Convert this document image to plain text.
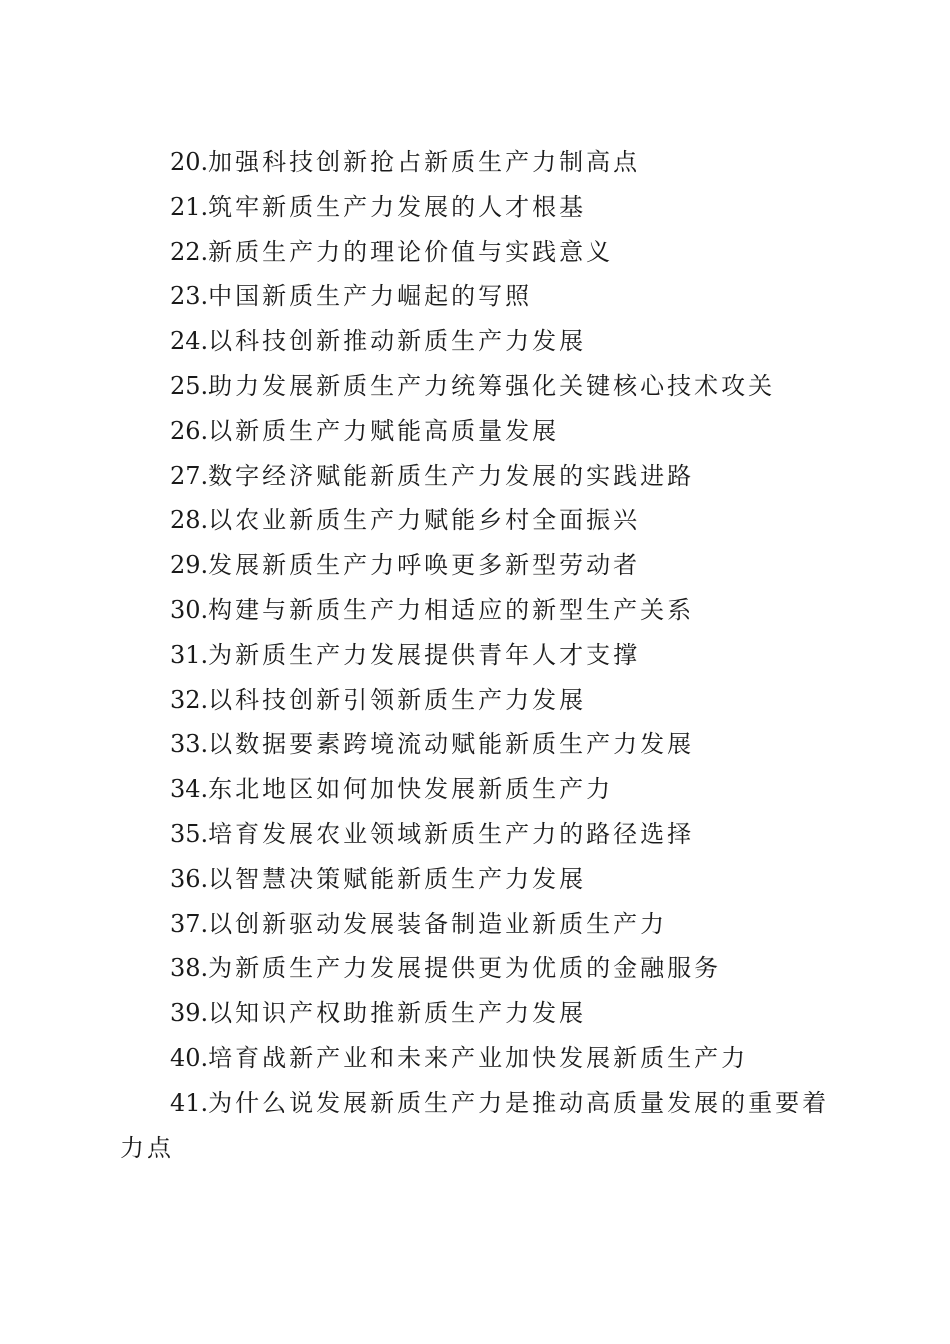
20.加强科技创新抢占新质生产力制高点
21.筑牢新质生产力发展的人才根基
22.新质生产力的理论价值与实践意义
23.中国新质生产力崛起的写照
24.以科技创新推动新质生产力发展
25.助力发展新质生产力统筹强化关键核心技术攻关
26.以新质生产力赋能高质量发展
27.数字经济赋能新质生产力发展的实践进路
28.以农业新质生产力赋能乡村全面振兴
29.发展新质生产力呼唤更多新型劳动者
30.构建与新质生产力相适应的新型生产关系
31.为新质生产力发展提供青年人才支撑
32.以科技创新引领新质生产力发展
33.以数据要素跨境流动赋能新质生产力发展
34.东北地区如何加快发展新质生产力
35.培育发展农业领域新质生产力的路径选择
36.以智慧决策赋能新质生产力发展
37.以创新驱动发展装备制造业新质生产力
38.为新质生产力发展提供更为优质的金融服务
39.以知识产权助推新质生产力发展
40.培育战新产业和未来产业加快发展新质生产力
41.为什么说发展新质生产力是推动高质量发展的重要着力点
